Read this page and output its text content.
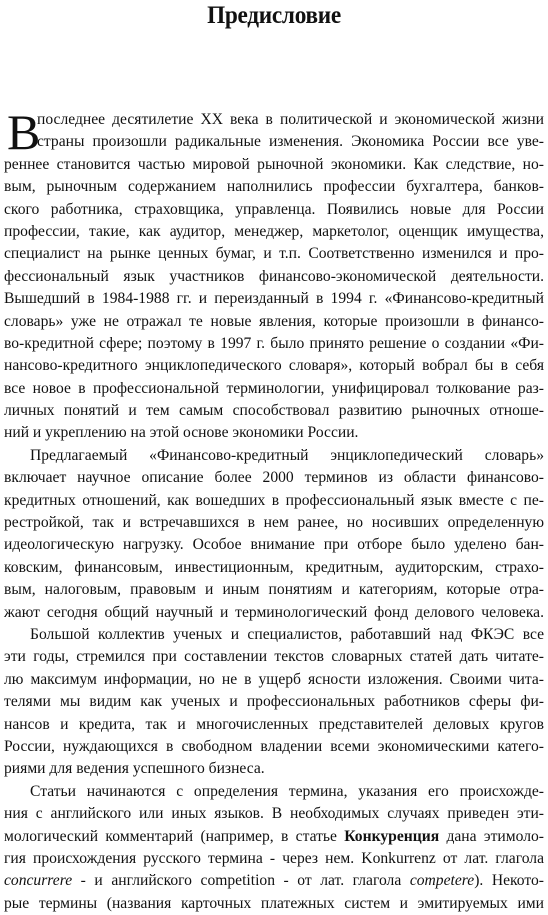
Предисловие
В
последнее десятилетие XX века в политической и экономической жизни
страны произошли радикальные изменения. Экономика России все уве-
реннее становится частью мировой рыночной экономики. Как следствие, но-
вым, рыночным содержанием наполнились профессии бухгалтера, банков-
ского работника, страховщика, управленца. Появились новые для России
профессии, такие, как аудитор, менеджер, маркетолог, оценщик имущества,
специалист на рынке ценных бумаг, и т.п. Соответственно изменился и про-
фессиональный язык участников финансово-экономической деятельности.
Вышедший в 1984-1988 гг. и переизданный в 1994 г. «Финансово-кредитный
словарь» уже не отражал те новые явления, которые произошли в финансо-
во-кредитной сфере; поэтому в 1997 г. было принято решение о создании «Фи-
нансово-кредитного энциклопедического словаря», который вобрал бы в себя
все новое в профессиональной терминологии, унифицировал толкование раз-
личных понятий и тем самым способствовал развитию рыночных отноше-
ний и укреплению на этой основе экономики России.
Предлагаемый «Финансово-кредитный энциклопедический словарь»
включает научное описание более 2000 терминов из области финансово-
кредитных отношений, как вошедших в профессиональный язык вместе с пе-
рестройкой, так и встречавшихся в нем ранее, но носивших определенную
идеологическую нагрузку. Особое внимание при отборе было уделено бан-
ковским, финансовым, инвестиционным, кредитным, аудиторским, страхо-
вым, налоговым, правовым и иным понятиям и категориям, которые отра-
жают сегодня общий научный и терминологический фонд делового человека.
Большой коллектив ученых и специалистов, работавший над ФКЭС все
эти годы, стремился при составлении текстов словарных статей дать читате-
лю максимум информации, но не в ущерб ясности изложения. Своими чита-
телями мы видим как ученых и профессиональных работников сферы фи-
нансов и кредита, так и многочисленных представителей деловых кругов
России, нуждающихся в свободном владении всеми экономическими катего-
риями для ведения успешного бизнеса.
Статьи начинаются с определения термина, указания его происхожде-
ния с английского или иных языков. В необходимых случаях приведен эти-
мологический комментарий (например, в статье Конкуренция дана этимоло-
гия происхождения русского термина - через нем. Konkurrenz от лат. глагола
concurrere - и английского competition - от лат. глагола competere). Некото-
рые термины (названия карточных платежных систем и эмитируемых ими
